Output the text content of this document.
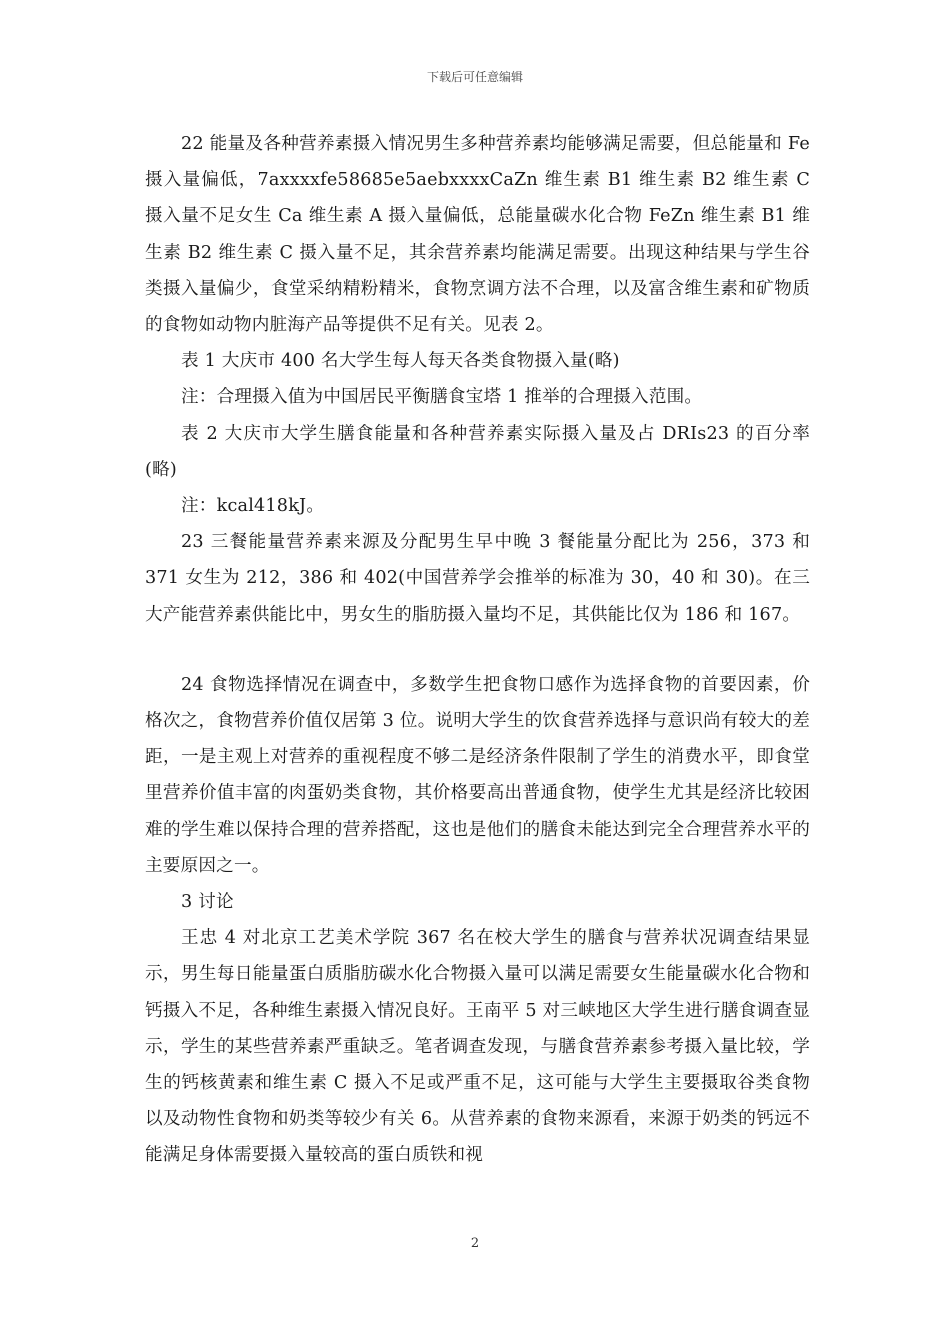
下载后可任意编辑

22 能量及各种营养素摄入情况男生多种营养素均能够满足需要，但总能量和 Fe 摄入量偏低，7axxxxfe58685e5aebxxxxCaZn 维生素 B1 维生素 B2 维生素 C 摄入量不足女生 Ca 维生素 A 摄入量偏低，总能量碳水化合物 FeZn 维生素 B1 维生素 B2 维生素 C 摄入量不足，其余营养素均能满足需要。出现这种结果与学生谷类摄入量偏少，食堂采纳精粉精米，食物烹调方法不合理，以及富含维生素和矿物质的食物如动物内脏海产品等提供不足有关。见表 2。

表 1 大庆市 400 名大学生每人每天各类食物摄入量(略)

注：合理摄入值为中国居民平衡膳食宝塔 1 推举的合理摄入范围。

表 2 大庆市大学生膳食能量和各种营养素实际摄入量及占 DRIs23 的百分率(略)

注：kcal418kJ。

23 三餐能量营养素来源及分配男生早中晚 3 餐能量分配比为 256，373 和 371 女生为 212，386 和 402(中国营养学会推举的标准为 30，40 和 30)。在三大产能营养素供能比中，男女生的脂肪摄入量均不足，其供能比仅为 186 和 167。

24 食物选择情况在调查中，多数学生把食物口感作为选择食物的首要因素，价格次之，食物营养价值仅居第 3 位。说明大学生的饮食营养选择与意识尚有较大的差距，一是主观上对营养的重视程度不够二是经济条件限制了学生的消费水平，即食堂里营养价值丰富的肉蛋奶类食物，其价格要高出普通食物，使学生尤其是经济比较困难的学生难以保持合理的营养搭配，这也是他们的膳食未能达到完全合理营养水平的主要原因之一。

3 讨论

王忠 4 对北京工艺美术学院 367 名在校大学生的膳食与营养状况调查结果显示，男生每日能量蛋白质脂肪碳水化合物摄入量可以满足需要女生能量碳水化合物和钙摄入不足，各种维生素摄入情况良好。王南平 5 对三峡地区大学生进行膳食调查显示，学生的某些营养素严重缺乏。笔者调查发现，与膳食营养素参考摄入量比较，学生的钙核黄素和维生素 C 摄入不足或严重不足，这可能与大学生主要摄取谷类食物以及动物性食物和奶类等较少有关 6。从营养素的食物来源看，来源于奶类的钙远不能满足身体需要摄入量较高的蛋白质铁和视

2
